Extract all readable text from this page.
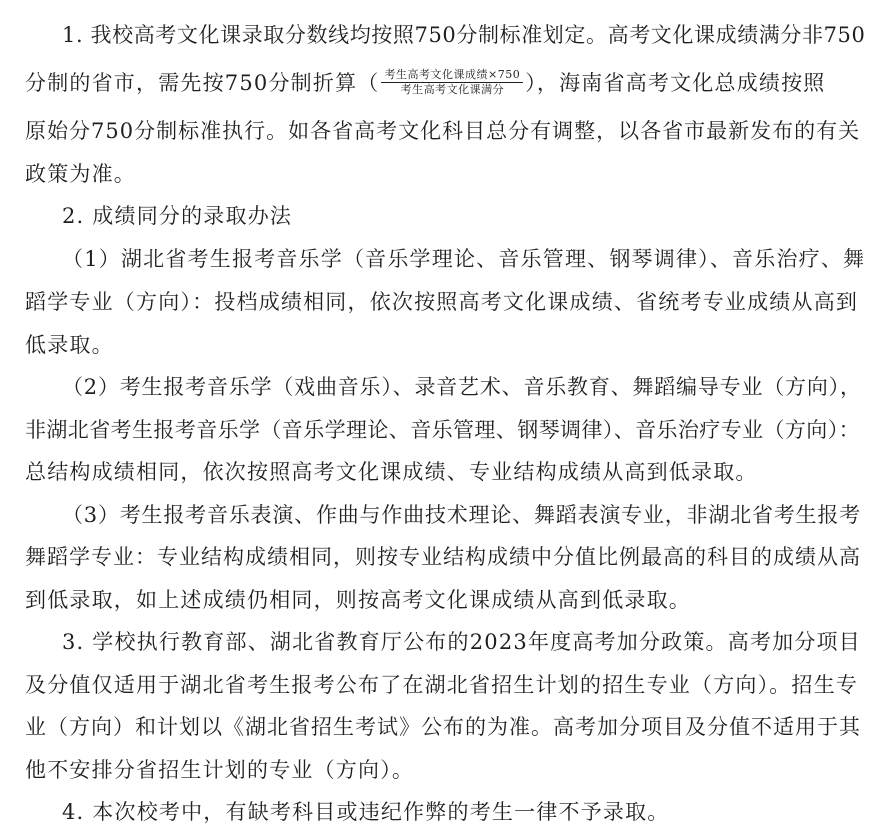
1. 我校高考文化课录取分数线均按照750分制标准划定。高考文化课成绩满分非750
分制的省市，需先按750分制折算（ $\frac{\text{考生高考文化课成绩×750}}{\text{考生高考文化课满分}}$ ），海南省高考文化总成绩按照
原始分750分制标准执行。如各省高考文化科目总分有调整，以各省市最新发布的有关
政策为准。
2. 成绩同分的录取办法
（1）湖北省考生报考音乐学（音乐学理论、音乐管理、钢琴调律）、音乐治疗、舞
蹈学专业（方向）：投档成绩相同，依次按照高考文化课成绩、省统考专业成绩从高到
低录取。
（2）考生报考音乐学（戏曲音乐）、录音艺术、音乐教育、舞蹈编导专业（方向），
非湖北省考生报考音乐学（音乐学理论、音乐管理、钢琴调律）、音乐治疗专业（方向）：
总结构成绩相同，依次按照高考文化课成绩、专业结构成绩从高到低录取。
（3）考生报考音乐表演、作曲与作曲技术理论、舞蹈表演专业，非湖北省考生报考
舞蹈学专业：专业结构成绩相同，则按专业结构成绩中分值比例最高的科目的成绩从高
到低录取，如上述成绩仍相同，则按高考文化课成绩从高到低录取。
3. 学校执行教育部、湖北省教育厅公布的2023年度高考加分政策。高考加分项目
及分值仅适用于湖北省考生报考公布了在湖北省招生计划的招生专业（方向）。招生专
业（方向）和计划以《湖北省招生考试》公布的为准。高考加分项目及分值不适用于其
他不安排分省招生计划的专业（方向）。
4. 本次校考中，有缺考科目或违纪作弊的考生一律不予录取。
